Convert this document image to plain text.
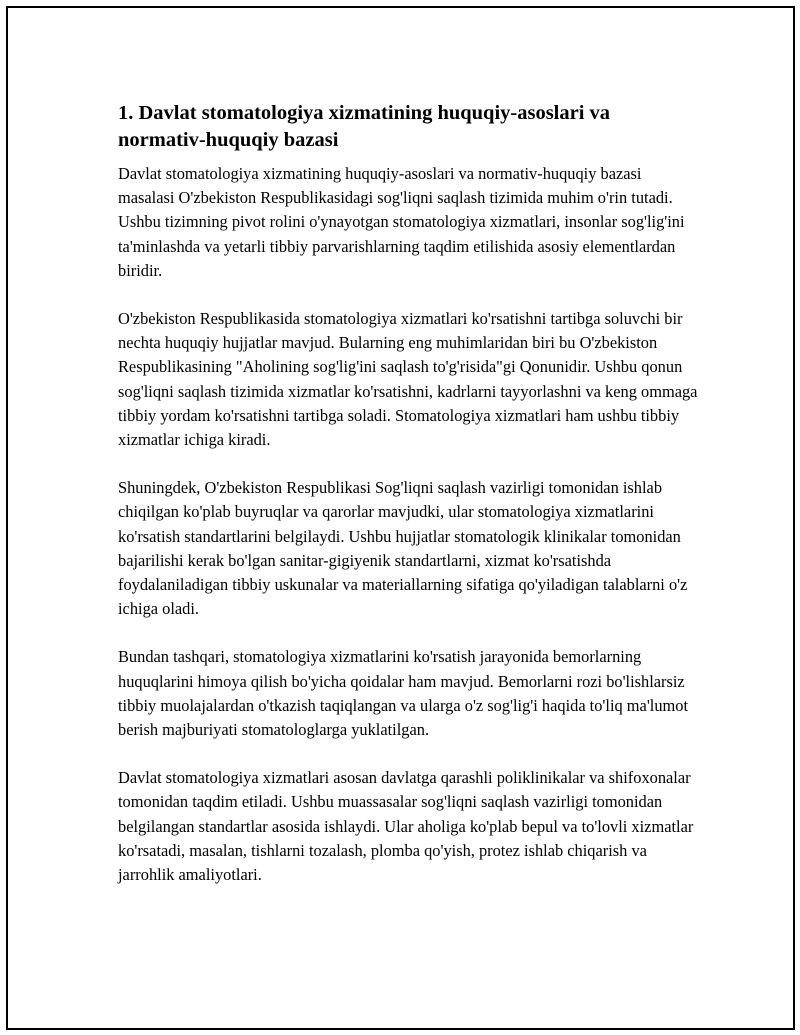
1. Davlat stomatologiya xizmatining huquqiy-asoslari va normativ-huquqiy bazasi

Davlat stomatologiya xizmatining huquqiy-asoslari va normativ-huquqiy bazasi masalasi O'zbekiston Respublikasidagi sog'liqni saqlash tizimida muhim o'rin tutadi. Ushbu tizimning pivot rolini o'ynayotgan stomatologiya xizmatlari, insonlar sog'lig'ini ta'minlashda va yetarli tibbiy parvarishlarning taqdim etilishida asosiy elementlardan biridir.

O'zbekiston Respublikasida stomatologiya xizmatlari ko'rsatishni tartibga soluvchi bir nechta huquqiy hujjatlar mavjud. Bularning eng muhimlaridan biri bu O'zbekiston Respublikasining "Aholining sog'lig'ini saqlash to'g'risida"gi Qonunidir. Ushbu qonun sog'liqni saqlash tizimida xizmatlar ko'rsatishni, kadrlarni tayyorlashni va keng ommaga tibbiy yordam ko'rsatishni tartibga soladi. Stomatologiya xizmatlari ham ushbu tibbiy xizmatlar ichiga kiradi.

Shuningdek, O'zbekiston Respublikasi Sog'liqni saqlash vazirligi tomonidan ishlab chiqilgan ko'plab buyruqlar va qarorlar mavjudki, ular stomatologiya xizmatlarini ko'rsatish standartlarini belgilaydi. Ushbu hujjatlar stomatologik klinikalar tomonidan bajarilishi kerak bo'lgan sanitar-gigiyenik standartlarni, xizmat ko'rsatishda foydalaniladigan tibbiy uskunalar va materiallarning sifatiga qo'yiladigan talablarni o'z ichiga oladi.

Bundan tashqari, stomatologiya xizmatlarini ko'rsatish jarayonida bemorlarning huquqlarini himoya qilish bo'yicha qoidalar ham mavjud. Bemorlarni rozi bo'lishlarsiz tibbiy muolajalardan o'tkazish taqiqlangan va ularga o'z sog'lig'i haqida to'liq ma'lumot berish majburiyati stomatologlarga yuklatilgan.

Davlat stomatologiya xizmatlari asosan davlatga qarashli poliklinikalar va shifoxonalar tomonidan taqdim etiladi. Ushbu muassasalar sog'liqni saqlash vazirligi tomonidan belgilangan standartlar asosida ishlaydi. Ular aholiga ko'plab bepul va to'lovli xizmatlar ko'rsatadi, masalan, tishlarni tozalash, plomba qo'yish, protez ishlab chiqarish va jarrohlik amaliyotlari.
